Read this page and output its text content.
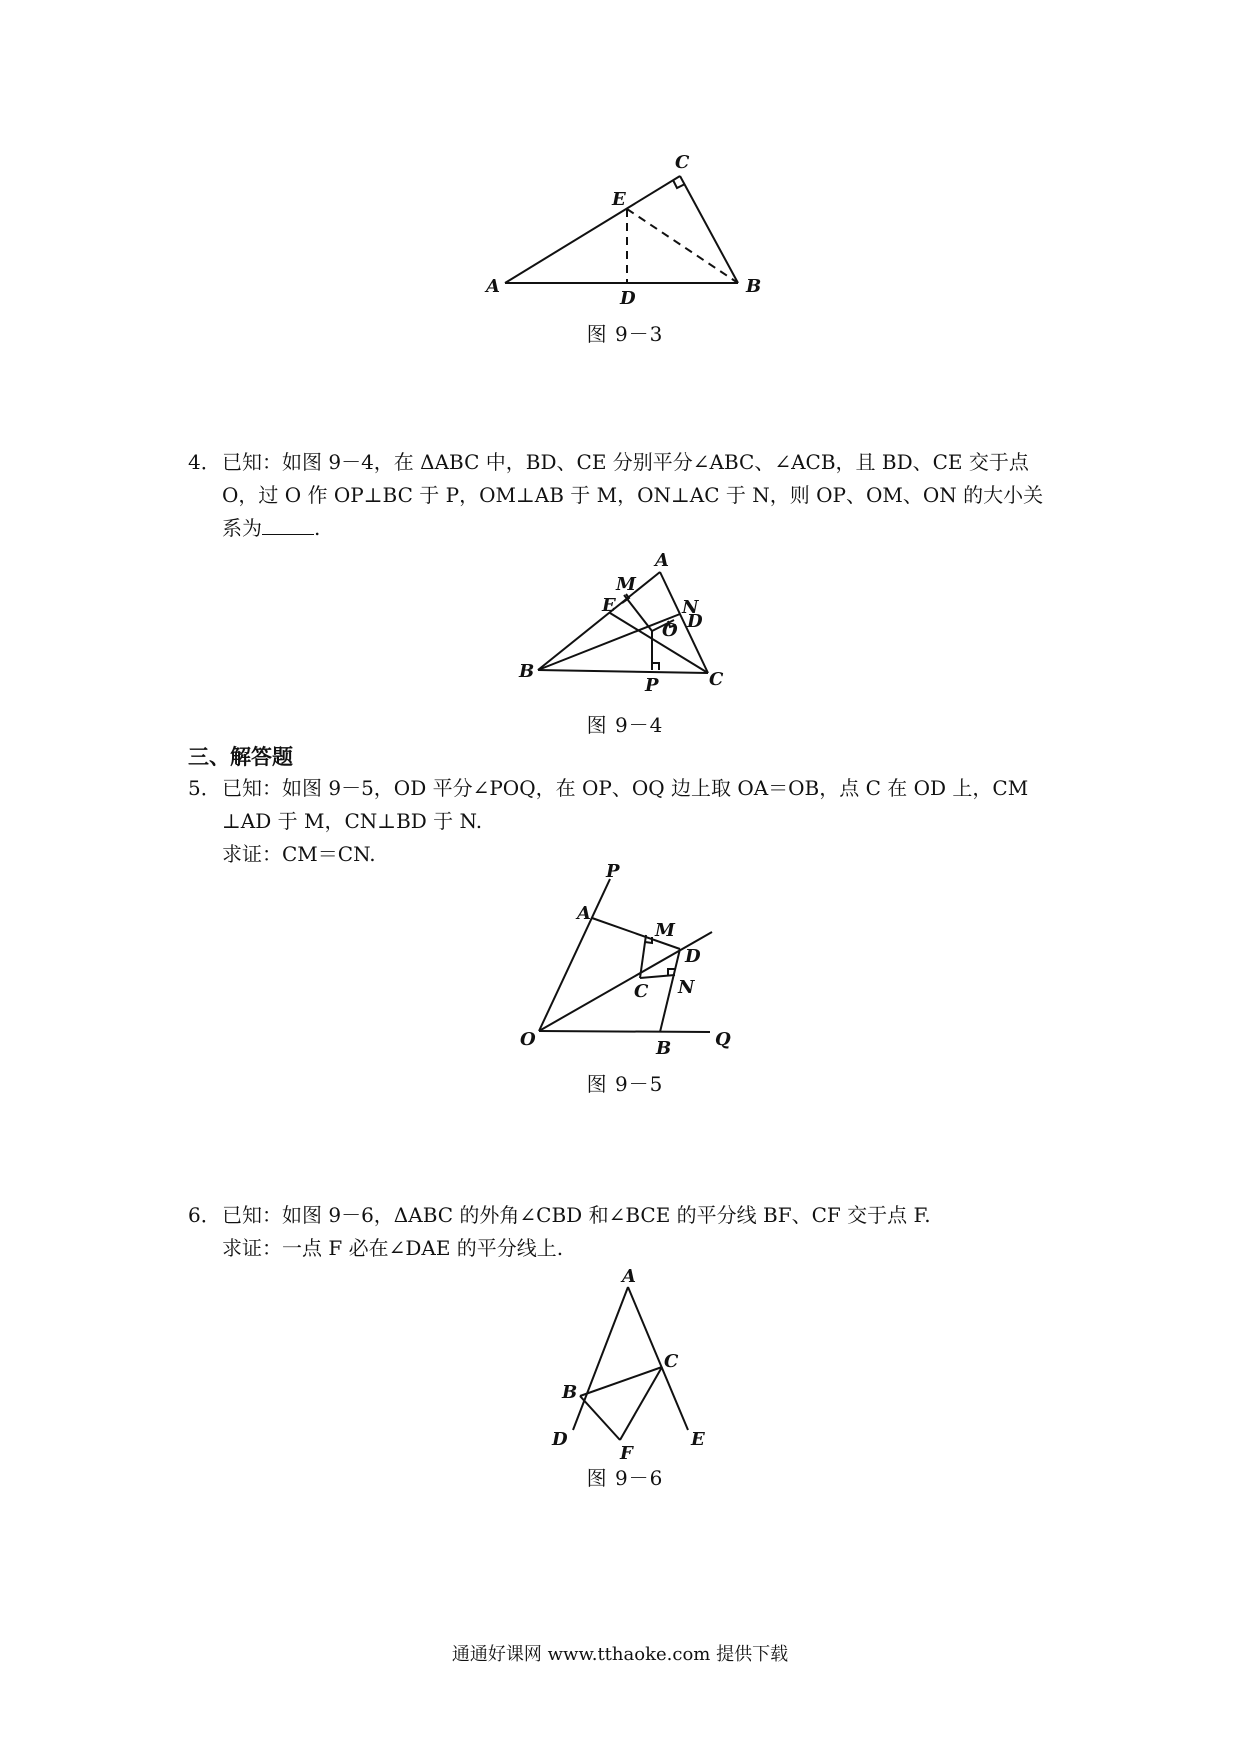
A	B
C
D
E
图 9－3
4． 已知：如图 9－4，在 ΔABC 中，BD、CE 分别平分∠ABC、∠ACB，且 BD、CE 交于点

O，过 O 作 OP⊥BC 于 P，OM⊥AB 于 M，ON⊥AC 于 N，则 OP、OM、ON 的大小关

系为	.

A
B	C
D
E
M
N
O
P
图 9－4
三、解答题
5． 已知：如图 9－5，OD 平分∠POQ，在 OP、OQ 边上取 OA＝OB，点 C 在 OD 上，CM

⊥AD 于 M，CN⊥BD 于 N.

求证：CM＝CN.

P
A
M
D
C N
O	B Q
图 9－5
6． 已知：如图 9－6，ΔABC 的外角∠CBD 和∠BCE 的平分线 BF、CF 交于点 F.

求证：一点 F 必在∠DAE 的平分线上.

A
B
C
D	E
F
图 9－6
通通好课网 www.tthaoke.com 提供下载
